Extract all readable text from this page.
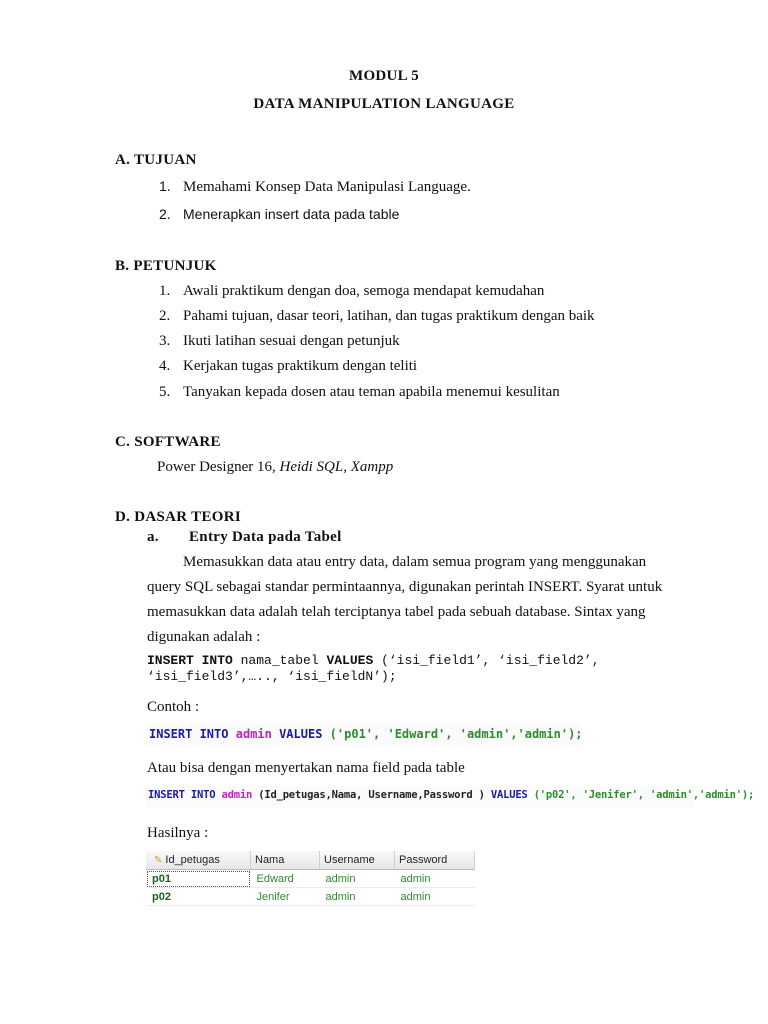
MODUL 5
DATA MANIPULATION LANGUAGE
A. TUJUAN
1. Memahami Konsep Data Manipulasi Language.
2. Menerapkan insert data pada table
B. PETUNJUK
1. Awali praktikum dengan doa, semoga mendapat kemudahan
2. Pahami tujuan, dasar teori, latihan, dan tugas praktikum dengan baik
3. Ikuti latihan sesuai dengan petunjuk
4. Kerjakan tugas praktikum dengan teliti
5. Tanyakan kepada dosen atau teman apabila menemui kesulitan
C. SOFTWARE
Power Designer 16, Heidi SQL, Xampp
D. DASAR TEORI
a. Entry Data pada Tabel
Memasukkan data atau entry data, dalam semua program yang menggunakan
query SQL sebagai standar permintaannya, digunakan perintah INSERT. Syarat untuk
memasukkan data adalah telah terciptanya tabel pada sebuah database. Sintax yang
digunakan adalah :
INSERT INTO nama_tabel VALUES (‘isi_field1’, ‘isi_field2’,
‘isi_field3’,….., ‘isi_fieldN’);
Contoh :
INSERT INTO admin VALUES ('p01', 'Edward', 'admin','admin');
Atau bisa dengan menyertakan nama field pada table
INSERT INTO admin (Id_petugas,Nama, Username,Password ) VALUES ('p02', 'Jenifer', 'admin','admin');
Hasilnya :
✎ Id_petugas	Nama	Username	Password
p01	Edward	admin	admin
p02	Jenifer	admin	admin
